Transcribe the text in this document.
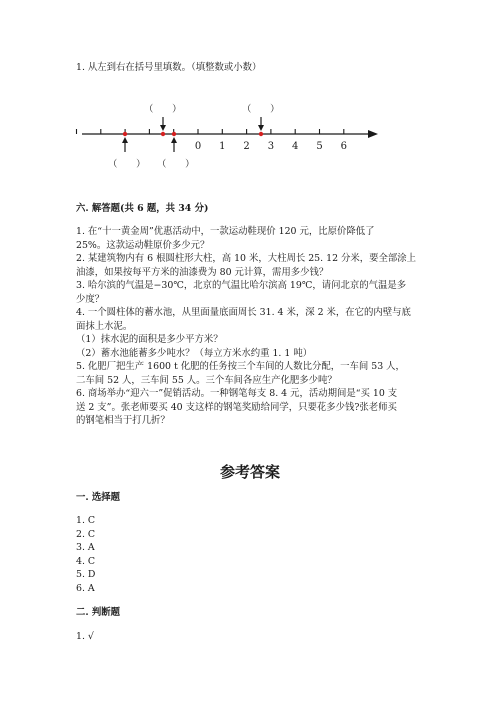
1. 从左到右在括号里填数。（填整数或小数）
0 1 2 3 4 5 6
（　　）	（　　）
（　　） （　　）
六. 解答题(共 6 题，共 34 分)
1. 在“十一黄金周”优惠活动中，一款运动鞋现价 120 元，比原价降低了
25%。这款运动鞋原价多少元？
2. 某建筑物内有 6 根圆柱形大柱，高 10 米，大柱周长 25. 12 分米，要全部涂上
油漆，如果按每平方米的油漆费为 80 元计算，需用多少钱？
3. 哈尔滨的气温是−30℃，北京的气温比哈尔滨高 19℃，请问北京的气温是多
少度？
4. 一个圆柱体的蓄水池，从里面量底面周长 31. 4 米，深 2 米，在它的内壁与底
面抹上水泥。
（1）抹水泥的面积是多少平方米？
（2）蓄水池能蓄多少吨水？（每立方米水约重 1. 1 吨）
5. 化肥厂把生产 1600 t 化肥的任务按三个车间的人数比分配，一车间 53 人，
二车间 52 人，三车间 55 人。三个车间各应生产化肥多少吨？
6. 商场举办“迎六一”促销活动。一种钢笔每支 8. 4 元，活动期间是“买 10 支
送 2 支”。张老师要买 40 支这样的钢笔奖励给同学，只要花多少钱?张老师买
的钢笔相当于打几折？
参考答案
一. 选择题
1. C
2. C
3. A
4. C
5. D
6. A
二. 判断题
1. √
